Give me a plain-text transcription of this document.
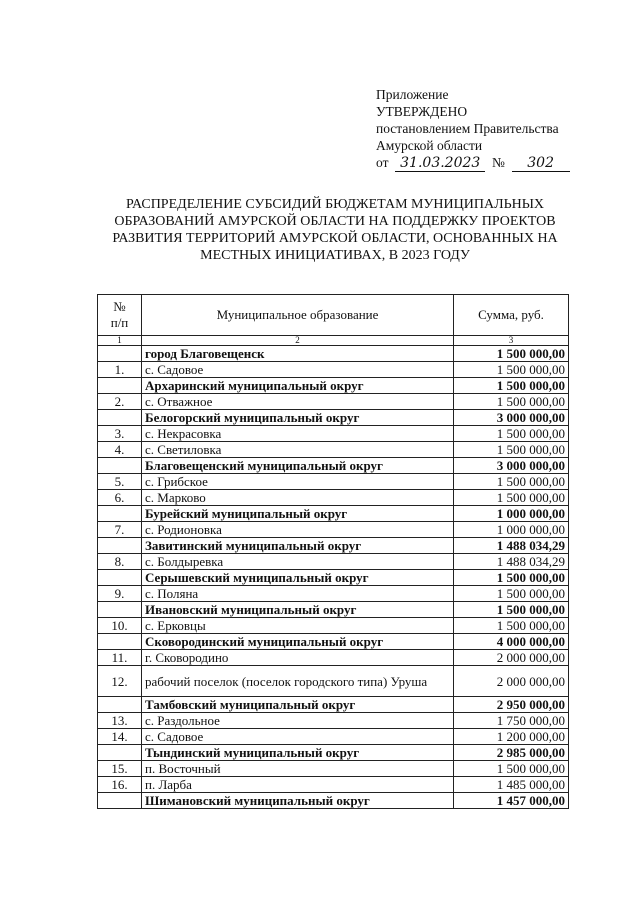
Приложение
УТВЕРЖДЕНО
постановлением Правительства
Амурской области
от 31.03.2023 № 302
РАСПРЕДЕЛЕНИЕ СУБСИДИЙ БЮДЖЕТАМ МУНИЦИПАЛЬНЫХ
ОБРАЗОВАНИЙ АМУРСКОЙ ОБЛАСТИ НА ПОДДЕРЖКУ ПРОЕКТОВ
РАЗВИТИЯ ТЕРРИТОРИЙ АМУРСКОЙ ОБЛАСТИ, ОСНОВАННЫХ НА
МЕСТНЫХ ИНИЦИАТИВАХ, В 2023 ГОДУ
№
п/п	Муниципальное образование	Сумма, руб.
1	2	3
	город Благовещенск	1 500 000,00
1.	с. Садовое	1 500 000,00
	Архаринский муниципальный округ	1 500 000,00
2.	с. Отважное	1 500 000,00
	Белогорский муниципальный округ	3 000 000,00
3.	с. Некрасовка	1 500 000,00
4.	с. Светиловка	1 500 000,00
	Благовещенский муниципальный округ	3 000 000,00
5.	с. Грибское	1 500 000,00
6.	с. Марково	1 500 000,00
	Бурейский муниципальный округ	1 000 000,00
7.	с. Родионовка	1 000 000,00
	Завитинский муниципальный округ	1 488 034,29
8.	с. Болдыревка	1 488 034,29
	Серышевский муниципальный округ	1 500 000,00
9.	с. Поляна	1 500 000,00
	Ивановский муниципальный округ	1 500 000,00
10.	с. Ерковцы	1 500 000,00
	Сковородинский муниципальный округ	4 000 000,00
11.	г. Сковородино	2 000 000,00
12.	рабочий поселок (поселок городского типа) Уруша	2 000 000,00
	Тамбовский муниципальный округ	2 950 000,00
13.	с. Раздольное	1 750 000,00
14.	с. Садовое	1 200 000,00
	Тындинский муниципальный округ	2 985 000,00
15.	п. Восточный	1 500 000,00
16.	п. Ларба	1 485 000,00
	Шимановский муниципальный округ	1 457 000,00
